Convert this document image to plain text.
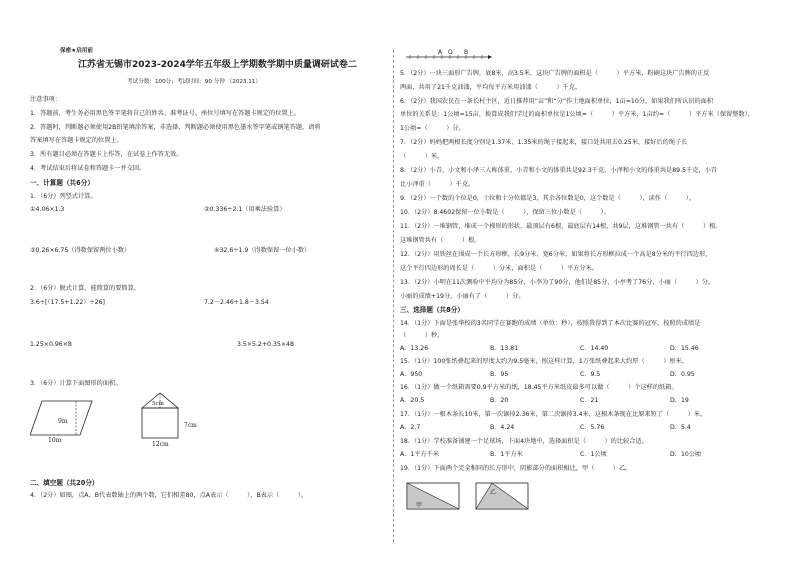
保密★启用前
江苏省无锡市2023-2024学年五年级上学期数学期中质量调研试卷二
考试分数：100分；考试时间：90 分钟 （2023.11）
注意事项：
1．答题前，考生务必用黑色签字笔将自己的姓名、准考证号、座位号填写在答题卡规定的位置上。
2．答题时，判断题必须使用2B铅笔填涂答案，非选择、判断题必须使用黑色墨水签字笔或钢笔答题，请将
答案填写在答题卡规定的位置上。
3．所有题目必须在答题卡上作答，在试卷上作答无效。
4．考试结束后将试卷和答题卡一并交回。
一、计算题（共6分）
1．（6分）列竖式计算。
①4.06×1.3	②0.336÷2.1（用乘法验算）
③0.26×6.75（得数保留两位小数）	④32.6÷1.9（得数保留一位小数）
2．（6分）脱式计算，能简算的要简算。
3.6÷[（17.5+1.22）÷26]	7.2－2.46+1.8－3.54
1.25×0.96×8	3.5×5.2+0.35×48
3．（6分）计算下面图形的面积。
9m
10m
5cm
7cm
12cm
二、填空题（共20分）
4．（2分）如图，点A、B代表数轴上的两个数，它们相差80，点A表示（　　　），B表示（　　　）。
A O B
5．（2分）一块三面形广告牌，底8米，高3.5米，这块广告牌的面积是（　　　）平方米，粉刷这块广告牌的正反
两面，共用了21千克油漆，平均每平方米用油漆（　　　）千克。
6．（2分）我国农民在一条长村主区，近日推荐用“亩”和“分”作土地面积单位，1亩=10分，如果我们所认识的面积
单位的关系是：1公顷=15亩，换算成我们学过的面积单位是1公顷=（　　　）平方米，1亩约=（　　　）平方米（保留整数），
1公顷=（　　　）分。
7．（2分）妈妈把两根长度分别是1.37米、1.35米的绳子接起来，接口处共用去0.25米，接好后的绳子长
（　　　）米。
8．（2分）小青、小文和小泽三人称体重，小青和小文的体重共是92.3千克，小泽和小文的体重共是89.5千克，小青
比小泽重（　　　）千克。
9．（2分）一个数的个位是0，十位和十分位都是3，其余各位数是0，这个数是（　　　），读作（　　　）。
10．（2分）8.4602保留一位小数是（　　　），保留三位小数是（　　　）。
11．（2分）一堆钢管，堆成一个梯形的形状，最顶层有6根，最底层有14根，共9层，这堆钢管一共有（　　　）根。
这堆钢管共有（　　　）根。
12．（2分）用铁丝在围成一个长方形框，长9分米，宽6分米，如果将长方形框拉成一个高是8分米的平行四边形，
这个平行四边形的周长是（　　　）分米，面积是（　　　）平方分米。
13．（2分）小明在11次测验中平均分为85分，小李为了90分，他们是85分，小亭考了76分，小丽（　　　）分。
小丽的成绩+19分，小丽有了（　　　）分。
三、选择题（共8分）
14．（1分）下面是张华校的3名同学在赛跑的成绩（单位：秒），按照我得到了本次比赛的冠军，按照的成绩是
（　　　）秒。
A．13.26	B．13.81	C．14.40	D．15.46
15．（1分）100张纸叠起来的厚度大约为9.5毫米，照这样计算，1万张纸叠起来大约厚（　　　）厘米。
A．950	B．95	C．9.5	D．0.95
16．（1分）做一个纸箱需要0.9平方米的纸，18.45平方米纸皮最多可以做（　　　）个这样的纸箱。
A．20.5	B．20	C．21	D．19
17．（1分）一根木条长10米，第一次锯掉2.36米，第二次锯掉3.4米，这根木条现在比原来短了（　　　）米。
A．2.7	B．4.24	C．5.76	D．5.4
18．（1分）学校准备铺建一个足球场，下面4块地中，选择面积是（　　　）的比较合适。
A．1平方千米	B．1平方米	C．1公顷	D．10公顷
19．（1分）下面两个完全相同的长方形中，阴影部分的面积相比，甲（　　　）乙。
甲
乙
